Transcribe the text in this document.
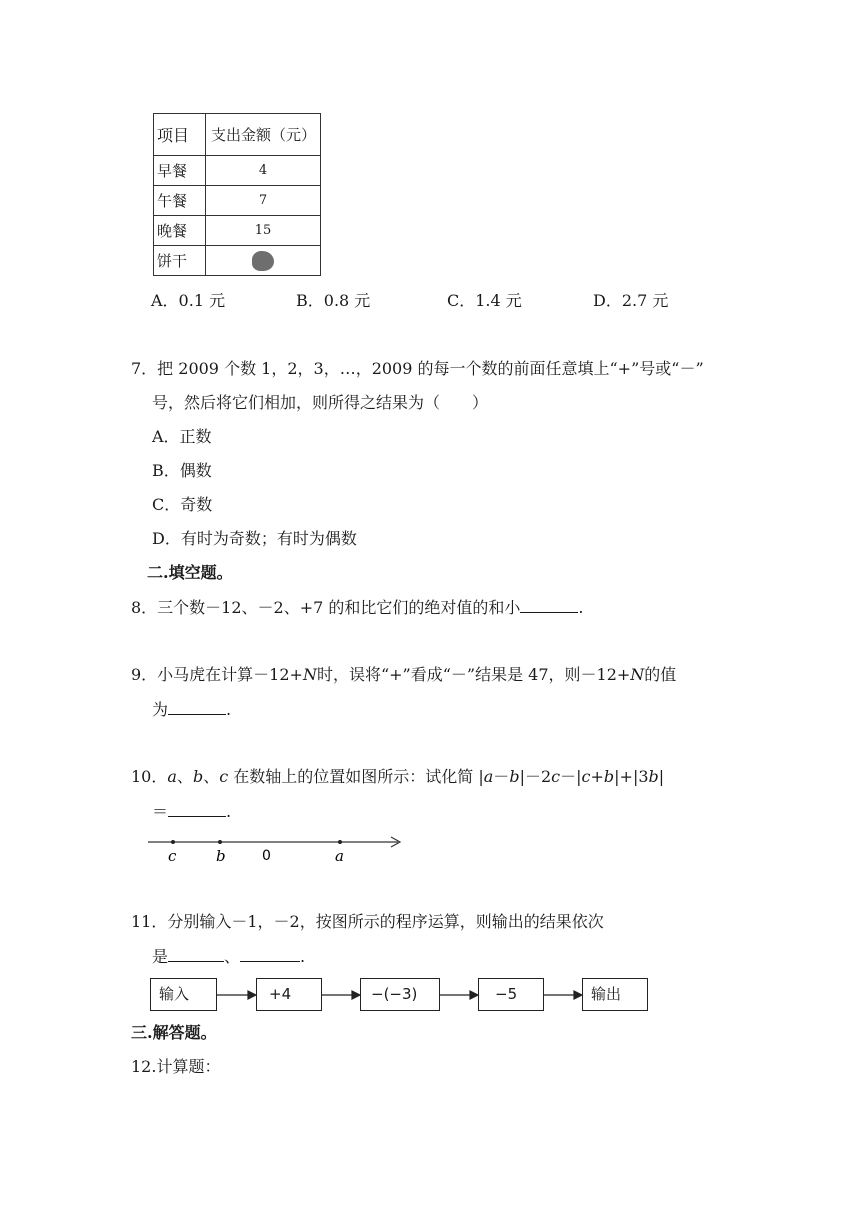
项目	支出金额（元）
早餐	4
午餐	7
晚餐	15
饼干	
A．0.1 元	B．0.8 元	C．1.4 元	D．2.7 元
7．把 2009 个数 1，2，3，…，2009 的每一个数的前面任意填上“+”号或“－”
号，然后将它们相加，则所得之结果为（　　）
A．正数
B．偶数
C．奇数
D．有时为奇数；有时为偶数
二.填空题。
8．三个数－12、－2、+7 的和比它们的绝对值的和小	.
9．小马虎在计算－12+N时，误将“+”看成“－”结果是 47，则－12+N的值
为	.
10．a、b、c 在数轴上的位置如图所示：试化简 |a－b|－2c－|c+b|+|3b|
＝	.
c	b	0	a
11．分别输入－1，－2，按图所示的程序运算，则输出的结果依次
是	、	.
输入	+4	−(−3)	−5	输出
三.解答题。
12.计算题：
